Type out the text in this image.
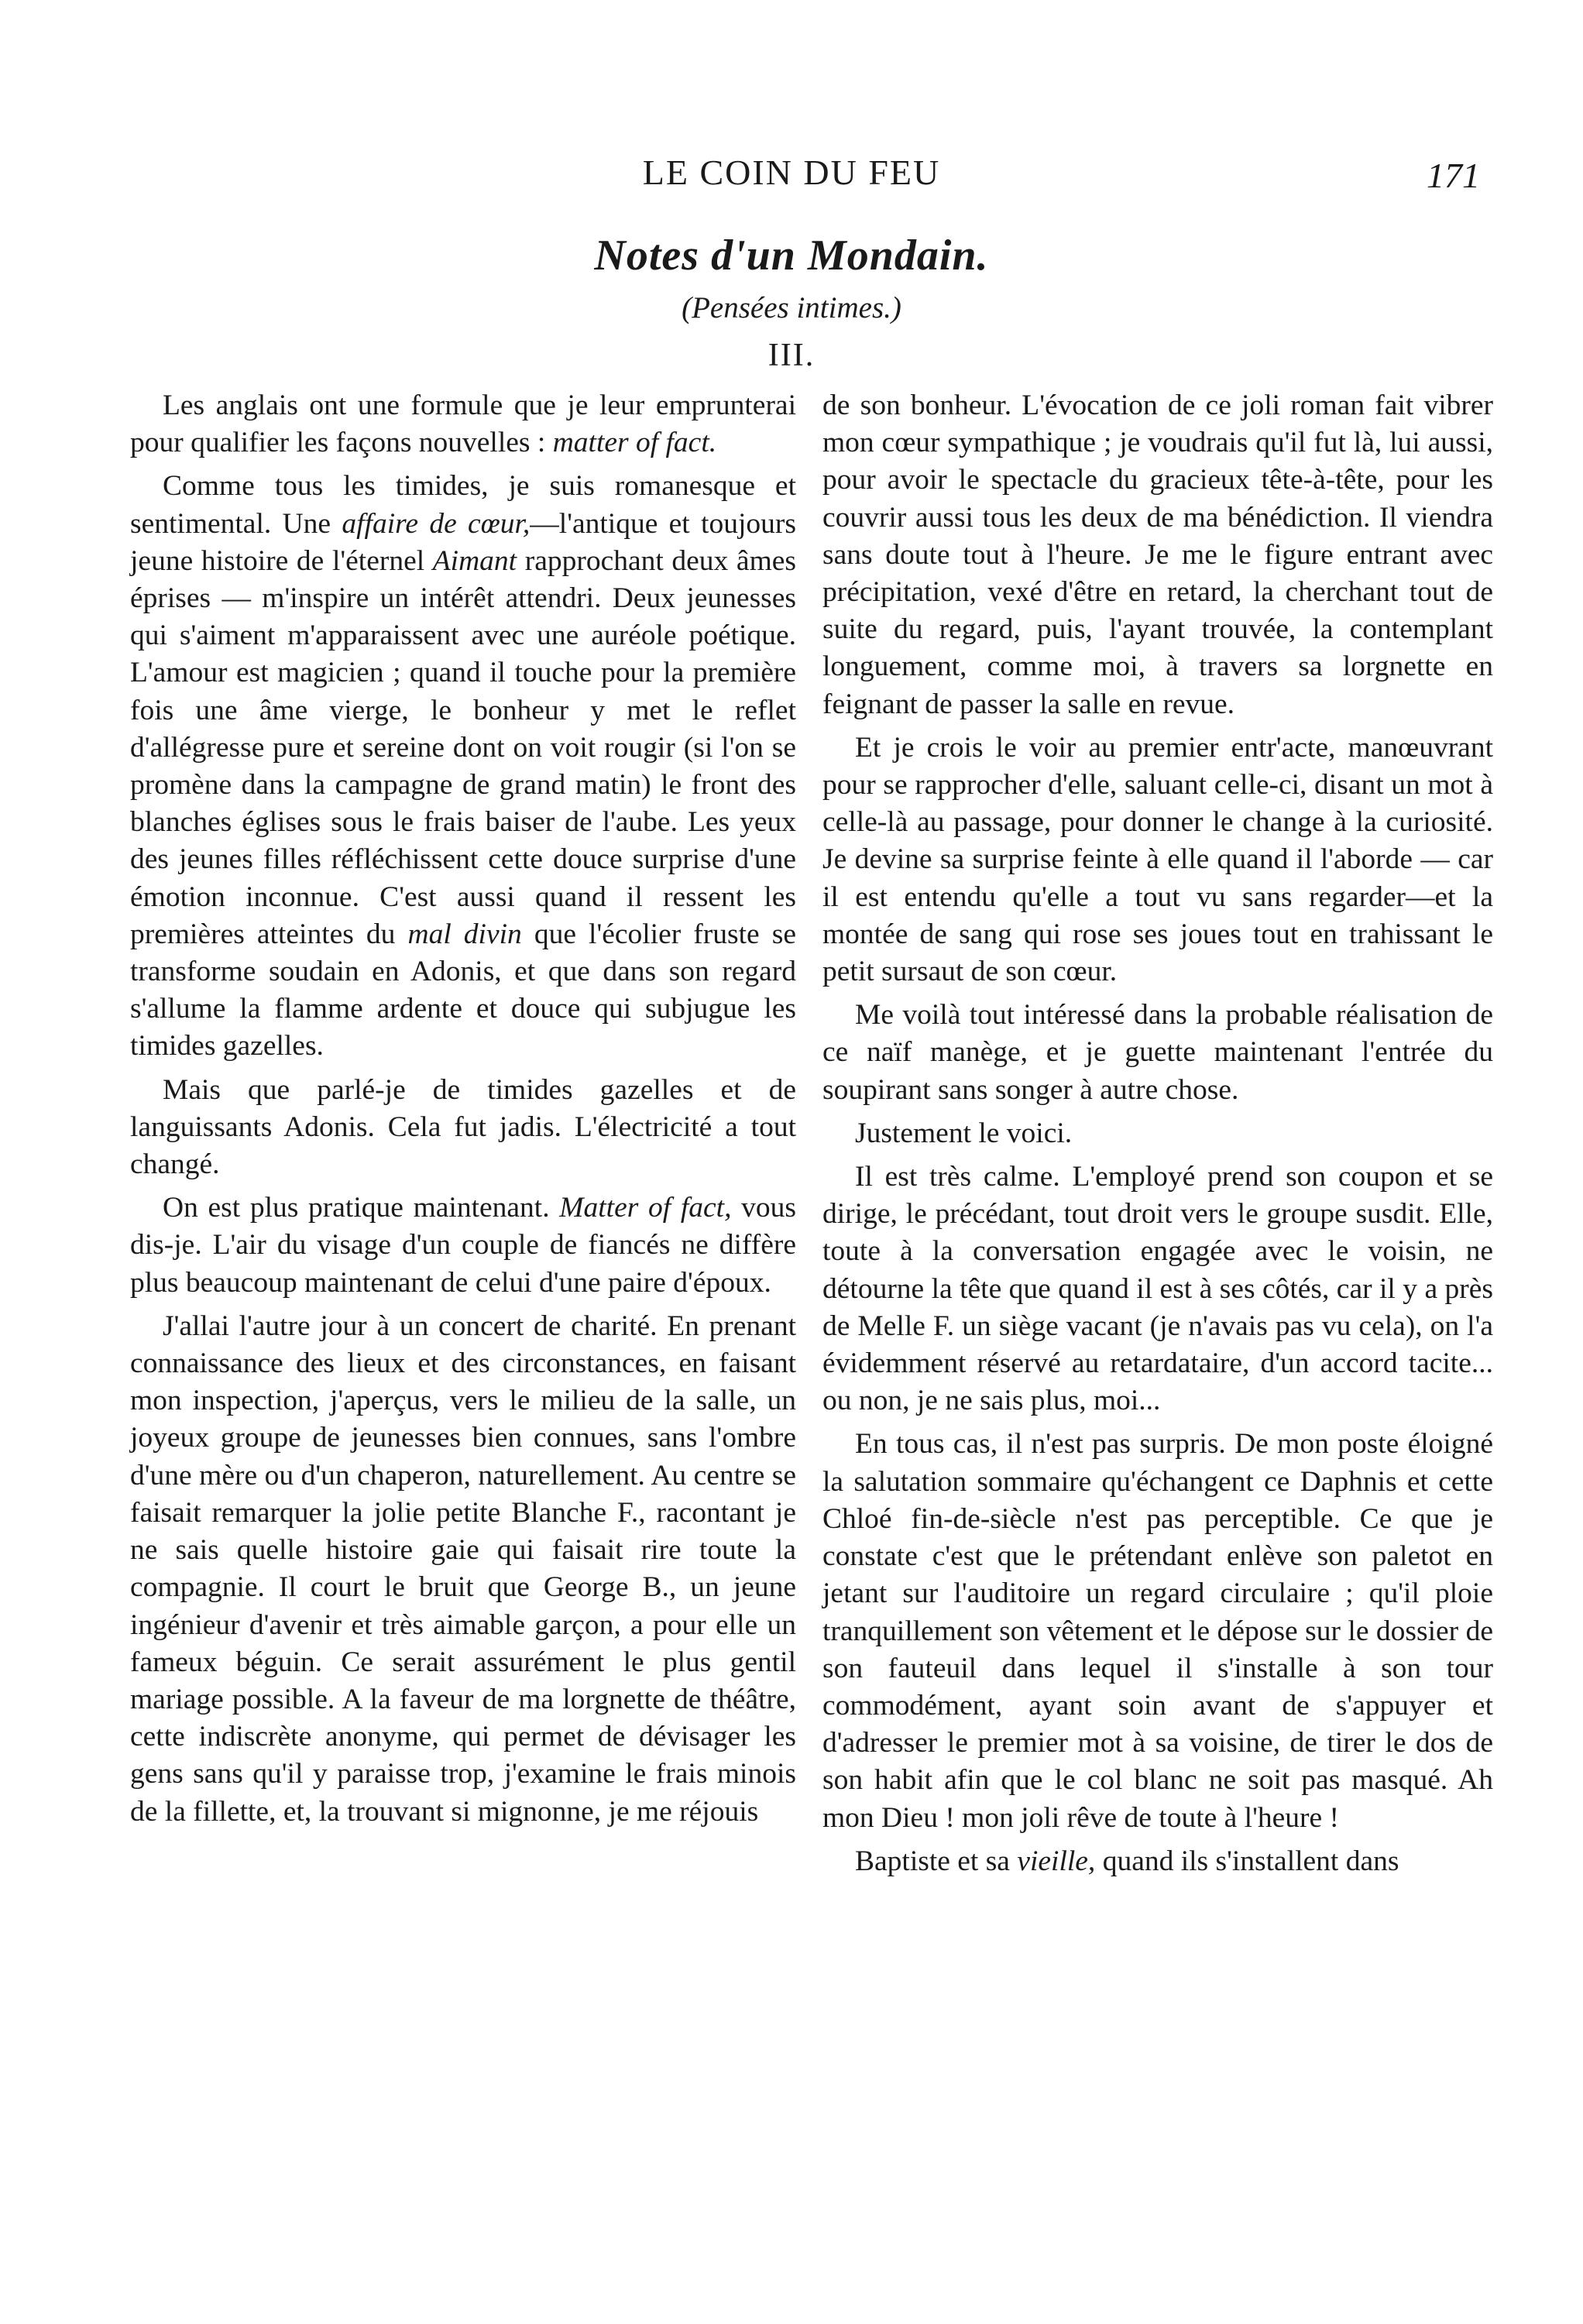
LE COIN DU FEU	171
Notes d'un Mondain.
(Pensées intimes.)
III.

Les anglais ont une formule que je leur emprunterai pour qualifier les façons nouvelles : matter of fact.

Comme tous les timides, je suis romanesque et sentimental. Une affaire de cœur,—l'antique et toujours jeune histoire de l'éternel Aimant rapprochant deux âmes éprises — m'inspire un intérêt attendri. Deux jeunesses qui s'aiment m'apparaissent avec une auréole poétique. L'amour est magicien ; quand il touche pour la première fois une âme vierge, le bonheur y met le reflet d'allégresse pure et sereine dont on voit rougir (si l'on se promène dans la campagne de grand matin) le front des blanches églises sous le frais baiser de l'aube. Les yeux des jeunes filles réfléchissent cette douce surprise d'une émotion inconnue. C'est aussi quand il ressent les premières atteintes du mal divin que l'écolier fruste se transforme soudain en Adonis, et que dans son regard s'allume la flamme ardente et douce qui subjugue les timides gazelles.

Mais que parlé-je de timides gazelles et de languissants Adonis. Cela fut jadis. L'électricité a tout changé.

On est plus pratique maintenant. Matter of fact, vous dis-je. L'air du visage d'un couple de fiancés ne diffère plus beaucoup maintenant de celui d'une paire d'époux.

J'allai l'autre jour à un concert de charité. En prenant connaissance des lieux et des circonstances, en faisant mon inspection, j'aperçus, vers le milieu de la salle, un joyeux groupe de jeunesses bien connues, sans l'ombre d'une mère ou d'un chaperon, naturellement. Au centre se faisait remarquer la jolie petite Blanche F., racontant je ne sais quelle histoire gaie qui faisait rire toute la compagnie. Il court le bruit que George B., un jeune ingénieur d'avenir et très aimable garçon, a pour elle un fameux béguin. Ce serait assurément le plus gentil mariage possible. A la faveur de ma lorgnette de théâtre, cette indiscrète anonyme, qui permet de dévisager les gens sans qu'il y paraisse trop, j'examine le frais minois de la fillette, et, la trouvant si mignonne, je me réjouis

de son bonheur. L'évocation de ce joli roman fait vibrer mon cœur sympathique ; je voudrais qu'il fut là, lui aussi, pour avoir le spectacle du gracieux tête-à-tête, pour les couvrir aussi tous les deux de ma bénédiction. Il viendra sans doute tout à l'heure. Je me le figure entrant avec précipitation, vexé d'être en retard, la cherchant tout de suite du regard, puis, l'ayant trouvée, la contemplant longuement, comme moi, à travers sa lorgnette en feignant de passer la salle en revue.

Et je crois le voir au premier entr'acte, manœuvrant pour se rapprocher d'elle, saluant celle-ci, disant un mot à celle-là au passage, pour donner le change à la curiosité. Je devine sa surprise feinte à elle quand il l'aborde — car il est entendu qu'elle a tout vu sans regarder—et la montée de sang qui rose ses joues tout en trahissant le petit sursaut de son cœur.

Me voilà tout intéressé dans la probable réalisation de ce naïf manège, et je guette maintenant l'entrée du soupirant sans songer à autre chose.

Justement le voici.

Il est très calme. L'employé prend son coupon et se dirige, le précédant, tout droit vers le groupe susdit. Elle, toute à la conversation engagée avec le voisin, ne détourne la tête que quand il est à ses côtés, car il y a près de Melle F. un siège vacant (je n'avais pas vu cela), on l'a évidemment réservé au retardataire, d'un accord tacite... ou non, je ne sais plus, moi...

En tous cas, il n'est pas surpris. De mon poste éloigné la salutation sommaire qu'échangent ce Daphnis et cette Chloé fin-de-siècle n'est pas perceptible. Ce que je constate c'est que le prétendant enlève son paletot en jetant sur l'auditoire un regard circulaire ; qu'il ploie tranquillement son vêtement et le dépose sur le dossier de son fauteuil dans lequel il s'installe à son tour commodément, ayant soin avant de s'appuyer et d'adresser le premier mot à sa voisine, de tirer le dos de son habit afin que le col blanc ne soit pas masqué. Ah mon Dieu ! mon joli rêve de toute à l'heure !

Baptiste et sa vieille, quand ils s'installent dans
